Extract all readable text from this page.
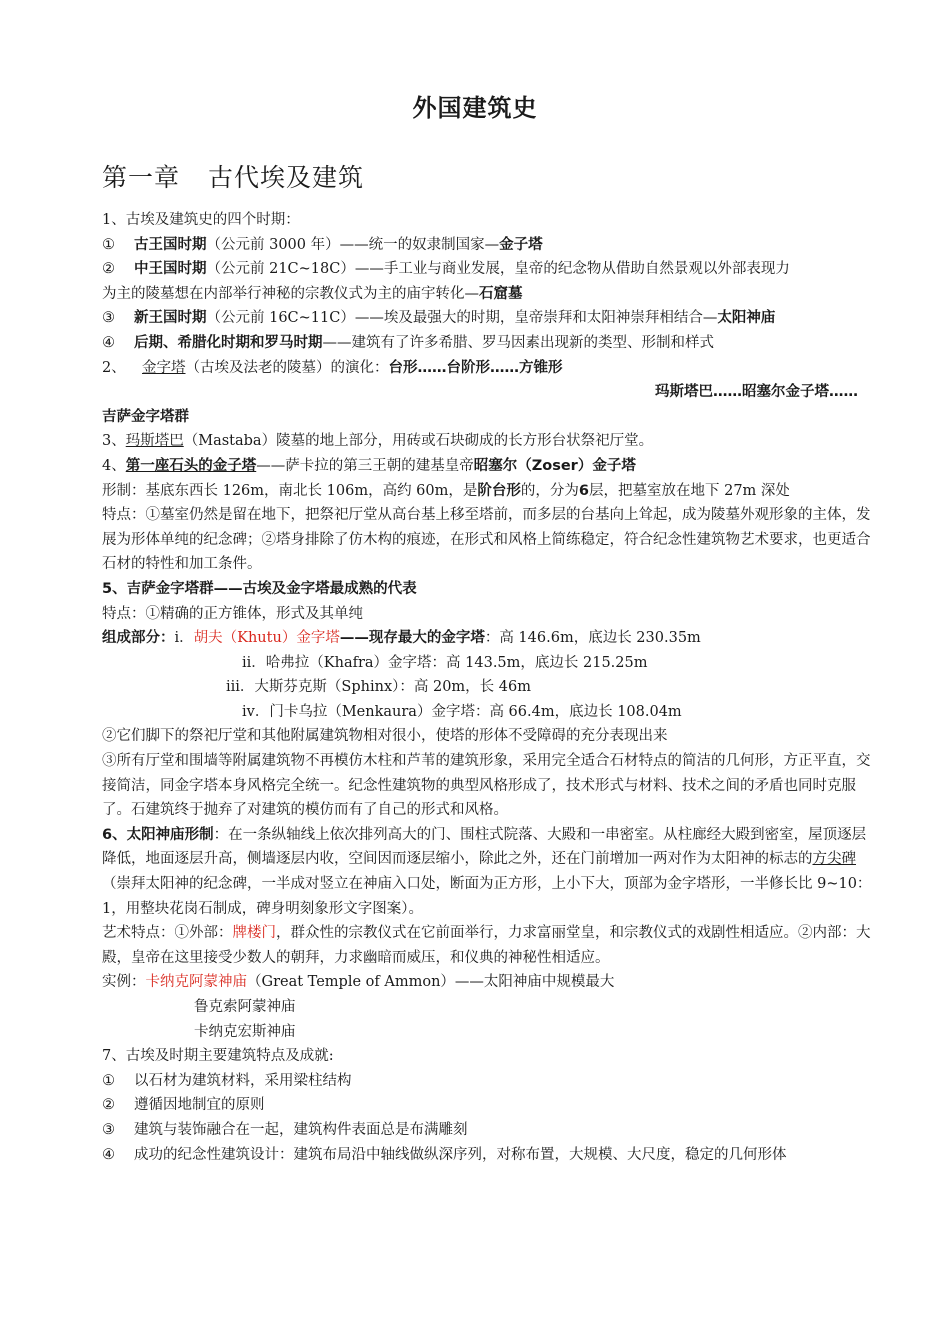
外国建筑史
第一章 古代埃及建筑
1、古埃及建筑史的四个时期：
① 古王国时期（公元前 3000 年）——统一的奴隶制国家—金子塔
② 中王国时期（公元前 21C~18C）——手工业与商业发展，皇帝的纪念物从借助自然景观以外部表现力
为主的陵墓想在内部举行神秘的宗教仪式为主的庙宇转化—石窟墓
③ 新王国时期（公元前 16C~11C）——埃及最强大的时期，皇帝崇拜和太阳神崇拜相结合—太阳神庙
④ 后期、希腊化时期和罗马时期——建筑有了许多希腊、罗马因素出现新的类型、形制和样式
2、 金字塔（古埃及法老的陵墓）的演化：台形……台阶形……方锥形
玛斯塔巴……昭塞尔金子塔……
吉萨金字塔群
3、玛斯塔巴（Mastaba）陵墓的地上部分，用砖或石块砌成的长方形台状祭祀厅堂。
4、第一座石头的金子塔——萨卡拉的第三王朝的建基皇帝昭塞尔（Zoser）金子塔
形制：基底东西长 126m，南北长 106m，高约 60m，是阶台形的，分为6层，把墓室放在地下 27m 深处
特点：①墓室仍然是留在地下，把祭祀厅堂从高台基上移至塔前，而多层的台基向上耸起，成为陵墓外观形象的主体，发展为形体单纯的纪念碑；②塔身排除了仿木构的痕迹，在形式和风格上简练稳定，符合纪念性建筑物艺术要求，也更适合石材的特性和加工条件。
5、吉萨金字塔群——古埃及金字塔最成熟的代表
特点：①精确的正方锥体，形式及其单纯
组成部分：i．胡夫（Khutu）金字塔——现存最大的金字塔：高 146.6m，底边长 230.35m
ii．哈弗拉（Khafra）金字塔：高 143.5m，底边长 215.25m
iii．大斯芬克斯（Sphinx）：高 20m，长 46m
iv．门卡乌拉（Menkaura）金字塔：高 66.4m，底边长 108.04m
②它们脚下的祭祀厅堂和其他附属建筑物相对很小，使塔的形体不受障碍的充分表现出来
③所有厅堂和围墙等附属建筑物不再模仿木柱和芦苇的建筑形象，采用完全适合石材特点的简洁的几何形，方正平直，交接简洁，同金字塔本身风格完全统一。纪念性建筑物的典型风格形成了，技术形式与材料、技术之间的矛盾也同时克服了。石建筑终于抛弃了对建筑的模仿而有了自己的形式和风格。
6、太阳神庙形制：在一条纵轴线上依次排列高大的门、围柱式院落、大殿和一串密室。从柱廊经大殿到密室，屋顶逐层降低，地面逐层升高，侧墙逐层内收，空间因而逐层缩小，除此之外，还在门前增加一两对作为太阳神的标志的方尖碑（崇拜太阳神的纪念碑，一半成对竖立在神庙入口处，断面为正方形，上小下大，顶部为金字塔形，一半修长比 9~10：1，用整块花岗石制成，碑身明刻象形文字图案）。
艺术特点：①外部：牌楼门，群众性的宗教仪式在它前面举行，力求富丽堂皇，和宗教仪式的戏剧性相适应。②内部：大殿，皇帝在这里接受少数人的朝拜，力求幽暗而威压，和仪典的神秘性相适应。
实例：卡纳克阿蒙神庙（Great Temple of Ammon）——太阳神庙中规模最大
鲁克索阿蒙神庙
卡纳克宏斯神庙
7、古埃及时期主要建筑特点及成就:
① 以石材为建筑材料，采用梁柱结构
② 遵循因地制宜的原则
③ 建筑与装饰融合在一起，建筑构件表面总是布满雕刻
④ 成功的纪念性建筑设计：建筑布局沿中轴线做纵深序列，对称布置，大规模、大尺度，稳定的几何形体
